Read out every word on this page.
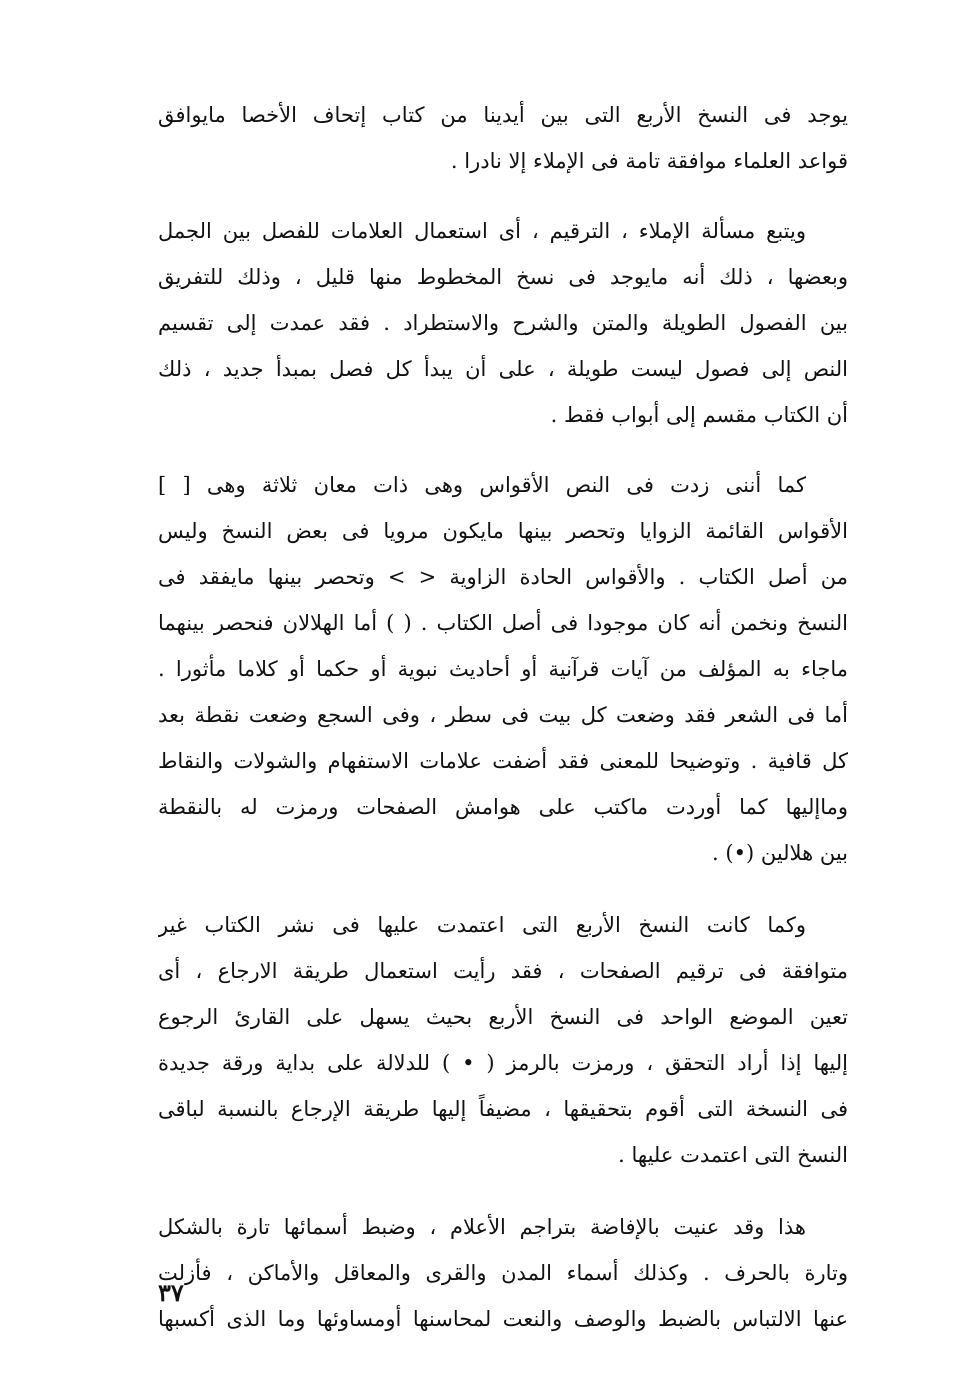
يوجد فى النسخ الأربع التى بين أيدينا من كتاب إتحاف الأخصا مايوافق
قواعد العلماء موافقة تامة فى الإملاء إلا نادرا .
ويتبع مسألة الإملاء ، الترقيم ، أى استعمال العلامات للفصل بين الجمل
وبعضها ، ذلك أنه مايوجد فى نسخ المخطوط منها قليل ، وذلك للتفريق
بين الفصول الطويلة والمتن والشرح والاستطراد . فقد عمدت إلى تقسيم
النص إلى فصول ليست طويلة ، على أن يبدأ كل فصل بمبدأ جديد ، ذلك
أن الكتاب مقسم إلى أبواب فقط .
كما أننى زدت فى النص الأقواس وهى ذات معان ثلاثة وهى [ ]
الأقواس القائمة الزوايا وتحصر بينها مايكون مرويا فى بعض النسخ وليس
من أصل الكتاب . والأقواس الحادة الزاوية < > وتحصر بينها مايفقد فى
النسخ ونخمن أنه كان موجودا فى أصل الكتاب . ( ) أما الهلالان فنحصر بينهما
ماجاء به المؤلف من آيات قرآنية أو أحاديث نبوية أو حكما أو كلاما مأثورا .
أما فى الشعر فقد وضعت كل بيت فى سطر ، وفى السجع وضعت نقطة بعد
كل قافية . وتوضيحا للمعنى فقد أضفت علامات الاستفهام والشولات والنقاط
وماإليها كما أوردت ماكتب على هوامش الصفحات ورمزت له بالنقطة
بين هلالين (•) .
وكما كانت النسخ الأربع التى اعتمدت عليها فى نشر الكتاب غير
متوافقة فى ترقيم الصفحات ، فقد رأيت استعمال طريقة الارجاع ، أى
تعين الموضع الواحد فى النسخ الأربع بحيث يسهل على القارئ الرجوع
إليها إذا أراد التحقق ، ورمزت بالرمز ( • ) للدلالة على بداية ورقة جديدة
فى النسخة التى أقوم بتحقيقها ، مضيفاً إليها طريقة الإرجاع بالنسبة لباقى
النسخ التى اعتمدت عليها .
هذا وقد عنيت بالإفاضة بتراجم الأعلام ، وضبط أسمائها تارة بالشكل
وتارة بالحرف . وكذلك أسماء المدن والقرى والمعاقل والأماكن ، فأزلت
عنها الالتباس بالضبط والوصف والنعت لمحاسنها أومساوئها وما الذى أكسبها
٣٧
